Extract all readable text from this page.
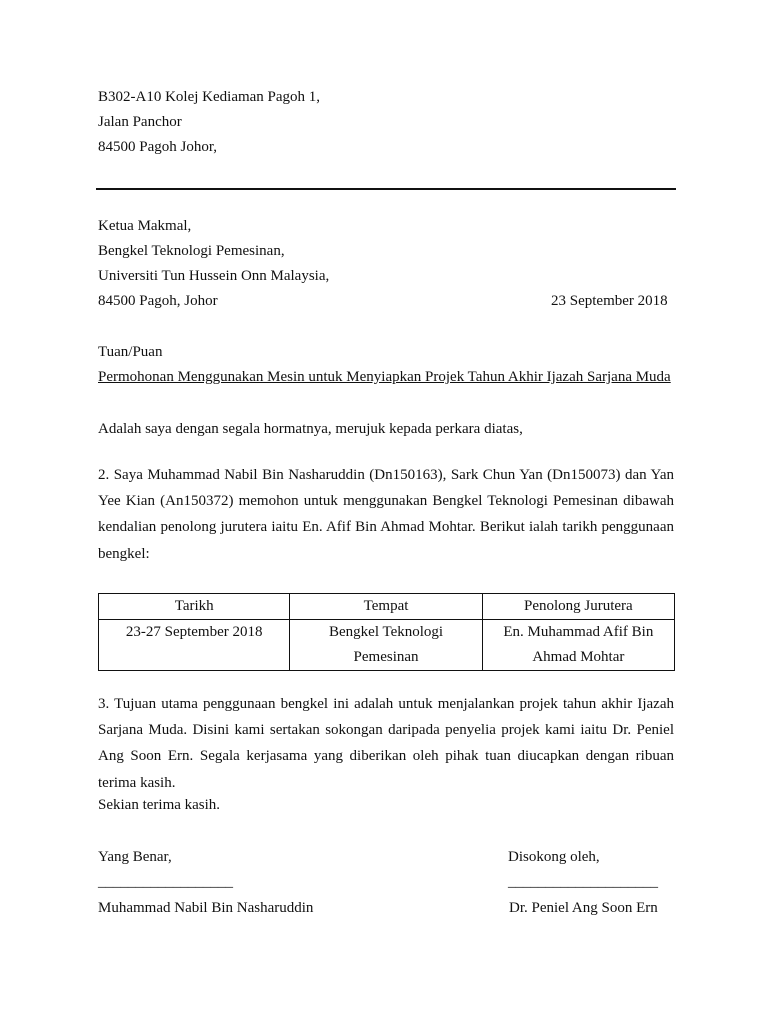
B302-A10 Kolej Kediaman Pagoh 1,
Jalan Panchor
84500 Pagoh Johor,
Ketua Makmal,
Bengkel Teknologi Pemesinan,
Universiti Tun Hussein Onn Malaysia,
84500 Pagoh, Johor	23 September 2018
Tuan/Puan
Permohonan Menggunakan Mesin untuk Menyiapkan Projek Tahun Akhir Ijazah Sarjana Muda
Adalah saya dengan segala hormatnya, merujuk kepada perkara diatas,
2. Saya Muhammad Nabil Bin Nasharuddin (Dn150163), Sark Chun Yan (Dn150073) dan Yan Yee Kian (An150372) memohon untuk menggunakan Bengkel Teknologi Pemesinan dibawah kendalian penolong jurutera iaitu En. Afif Bin Ahmad Mohtar. Berikut ialah tarikh penggunaan bengkel:
Tarikh	Tempat	Penolong Jurutera
23-27 September 2018	Bengkel Teknologi Pemesinan	En. Muhammad Afif Bin Ahmad Mohtar
3. Tujuan utama penggunaan bengkel ini adalah untuk menjalankan projek tahun akhir Ijazah Sarjana Muda. Disini kami sertakan sokongan daripada penyelia projek kami iaitu Dr. Peniel Ang Soon Ern. Segala kerjasama yang diberikan oleh pihak tuan diucapkan dengan ribuan terima kasih.
Sekian terima kasih.
Yang Benar,	Disokong oleh,
__________________	____________________
Muhammad Nabil Bin Nasharuddin	Dr. Peniel Ang Soon Ern
